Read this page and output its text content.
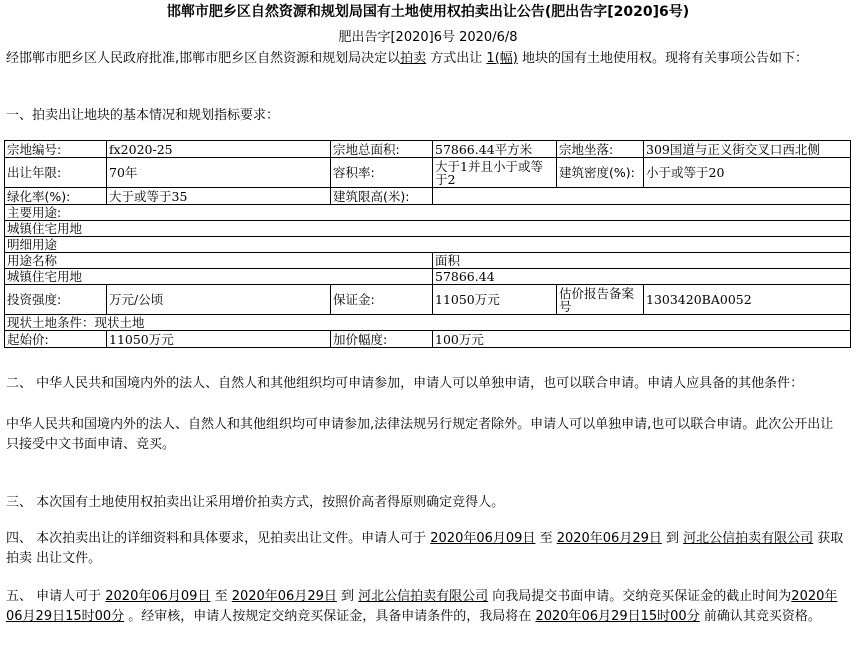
邯郸市肥乡区自然资源和规划局国有土地使用权拍卖出让公告(肥出告字[2020]6号)
肥出告字[2020]6号 2020/6/8
经邯郸市肥乡区人民政府批准,邯郸市肥乡区自然资源和规划局决定以拍卖 方式出让 1(幅) 地块的国有土地使用权。现将有关事项公告如下：
一、拍卖出让地块的基本情况和规划指标要求：
宗地编号:	fx2020-25	宗地总面积:	57866.44平方米	宗地坐落:	309国道与正义街交叉口西北侧
出让年限:	70年	容积率:	大于1并且小于或等于2	建筑密度(%):	小于或等于20
绿化率(%):	大于或等于35	建筑限高(米):			
主要用途:					
城镇住宅用地					
明细用途					
用途名称			面积		
城镇住宅用地			57866.44		
投资强度:	万元/公顷	保证金:	11050万元	估价报告备案号	1303420BA0052
现状土地条件：现状土地					
起始价:	11050万元	加价幅度:	100万元		
二、 中华人民共和国境内外的法人、自然人和其他组织均可申请参加，申请人可以单独申请，也可以联合申请。申请人应具备的其他条件：
中华人民共和国境内外的法人、自然人和其他组织均可申请参加,法律法规另行规定者除外。申请人可以单独申请,也可以联合申请。此次公开出让只接受中文书面申请、竞买。
三、 本次国有土地使用权拍卖出让采用增价拍卖方式，按照价高者得原则确定竞得人。
四、 本次拍卖出让的详细资料和具体要求，见拍卖出让文件。申请人可于 2020年06月09日 至 2020年06月29日 到 河北公信拍卖有限公司 获取 拍卖 出让文件。
五、 申请人可于 2020年06月09日 至 2020年06月29日 到 河北公信拍卖有限公司 向我局提交书面申请。交纳竞买保证金的截止时间为2020年06月29日15时00分 。经审核，申请人按规定交纳竞买保证金，具备申请条件的，我局将在 2020年06月29日15时00分 前确认其竞买资格。
